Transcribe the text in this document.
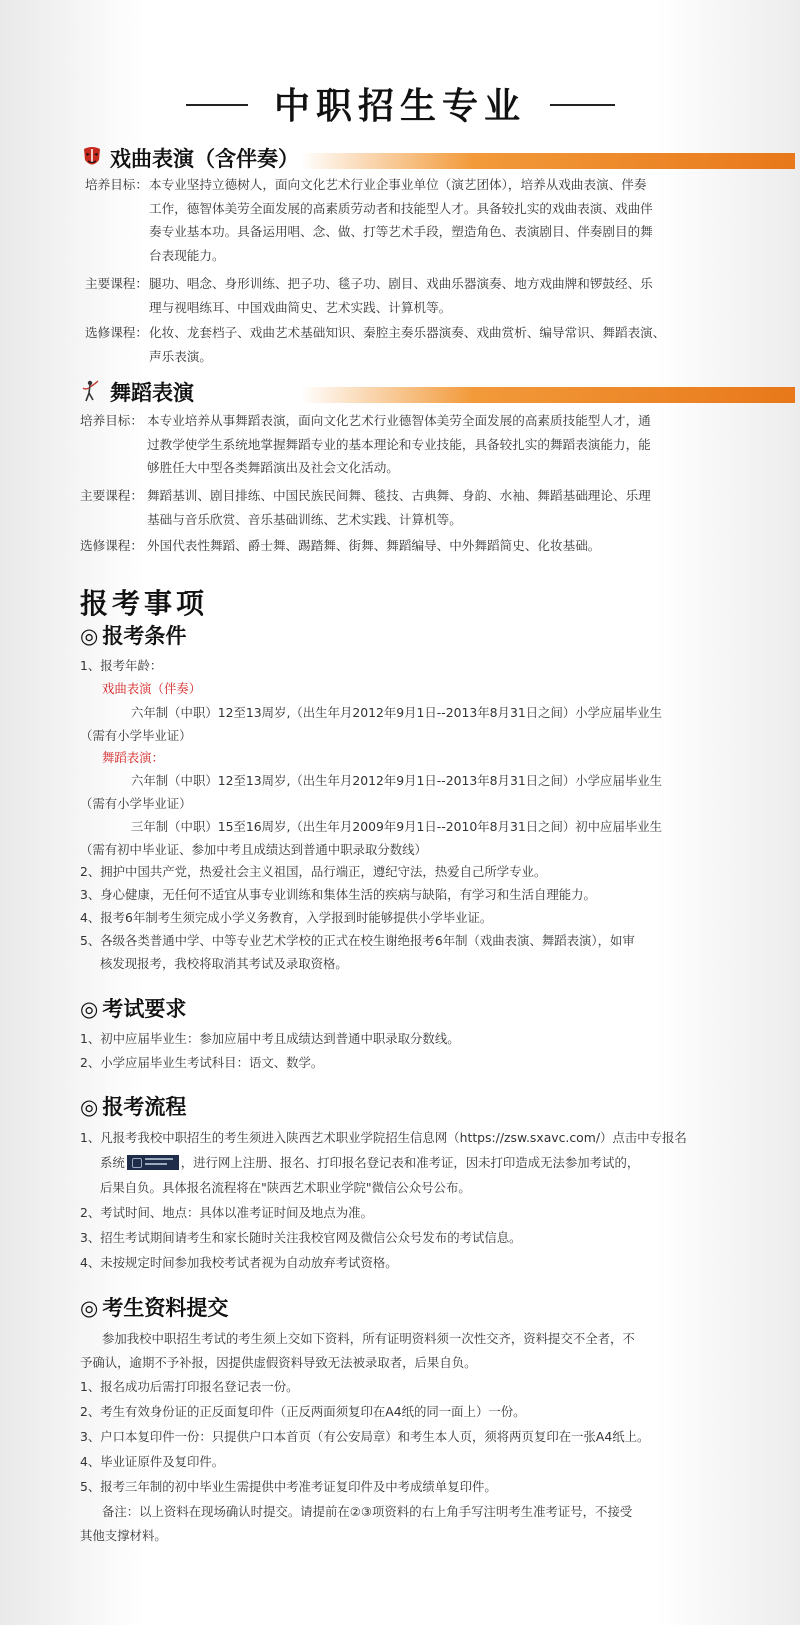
中职招生专业
戏曲表演（含伴奏）
培养目标： 本专业坚持立德树人，面向文化艺术行业企事业单位（演艺团体），培养从戏曲表演、伴奏
工作，德智体美劳全面发展的高素质劳动者和技能型人才。具备较扎实的戏曲表演、戏曲伴
奏专业基本功。具备运用唱、念、做、打等艺术手段，塑造角色、表演剧目、伴奏剧目的舞
台表现能力。
主要课程： 腿功、唱念、身形训练、把子功、毯子功、剧目、戏曲乐器演奏、地方戏曲牌和锣鼓经、乐
理与视唱练耳、中国戏曲简史、艺术实践、计算机等。
选修课程： 化妆、龙套档子、戏曲艺术基础知识、秦腔主奏乐器演奏、戏曲赏析、编导常识、舞蹈表演、
声乐表演。
舞蹈表演
培养目标： 本专业培养从事舞蹈表演，面向文化艺术行业德智体美劳全面发展的高素质技能型人才，通
过教学使学生系统地掌握舞蹈专业的基本理论和专业技能，具备较扎实的舞蹈表演能力，能
够胜任大中型各类舞蹈演出及社会文化活动。
主要课程： 舞蹈基训、剧目排练、中国民族民间舞、毯技、古典舞、身韵、水袖、舞蹈基础理论、乐理
基础与音乐欣赏、音乐基础训练、艺术实践、计算机等。
选修课程： 外国代表性舞蹈、爵士舞、踢踏舞、街舞、舞蹈编导、中外舞蹈简史、化妆基础。
报考事项
◎ 报考条件
1、报考年龄：
戏曲表演（伴奏）
六年制（中职）12至13周岁,（出生年月2012年9月1日--2013年8月31日之间）小学应届毕业生
（需有小学毕业证）
舞蹈表演：
六年制（中职）12至13周岁,（出生年月2012年9月1日--2013年8月31日之间）小学应届毕业生
（需有小学毕业证）
三年制（中职）15至16周岁,（出生年月2009年9月1日--2010年8月31日之间）初中应届毕业生
（需有初中毕业证、参加中考且成绩达到普通中职录取分数线）
2、拥护中国共产党，热爱社会主义祖国，品行端正，遵纪守法，热爱自己所学专业。
3、身心健康，无任何不适宜从事专业训练和集体生活的疾病与缺陷，有学习和生活自理能力。
4、报考6年制考生须完成小学义务教育，入学报到时能够提供小学毕业证。
5、各级各类普通中学、中等专业艺术学校的正式在校生谢绝报考6年制（戏曲表演、舞蹈表演），如审
核发现报考，我校将取消其考试及录取资格。
◎ 考试要求
1、初中应届毕业生：参加应届中考且成绩达到普通中职录取分数线。
2、小学应届毕业生考试科目：语文、数学。
◎ 报考流程
1、凡报考我校中职招生的考生须进入陕西艺术职业学院招生信息网（https://zsw.sxavc.com/）点击中专报名
系统	，进行网上注册、报名、打印报名登记表和准考证，因未打印造成无法参加考试的，
后果自负。具体报名流程将在"陕西艺术职业学院"微信公众号公布。
2、考试时间、地点：具体以准考证时间及地点为准。
3、招生考试期间请考生和家长随时关注我校官网及微信公众号发布的考试信息。
4、未按规定时间参加我校考试者视为自动放弃考试资格。
◎ 考生资料提交
参加我校中职招生考试的考生须上交如下资料，所有证明资料须一次性交齐，资料提交不全者，不
予确认，逾期不予补报，因提供虚假资料导致无法被录取者，后果自负。
1、报名成功后需打印报名登记表一份。
2、考生有效身份证的正反面复印件（正反两面须复印在A4纸的同一面上）一份。
3、户口本复印件一份：只提供户口本首页（有公安局章）和考生本人页，须将两页复印在一张A4纸上。
4、毕业证原件及复印件。
5、报考三年制的初中毕业生需提供中考准考证复印件及中考成绩单复印件。
备注：以上资料在现场确认时提交。请提前在②③项资料的右上角手写注明考生准考证号，不接受
其他支撑材料。
